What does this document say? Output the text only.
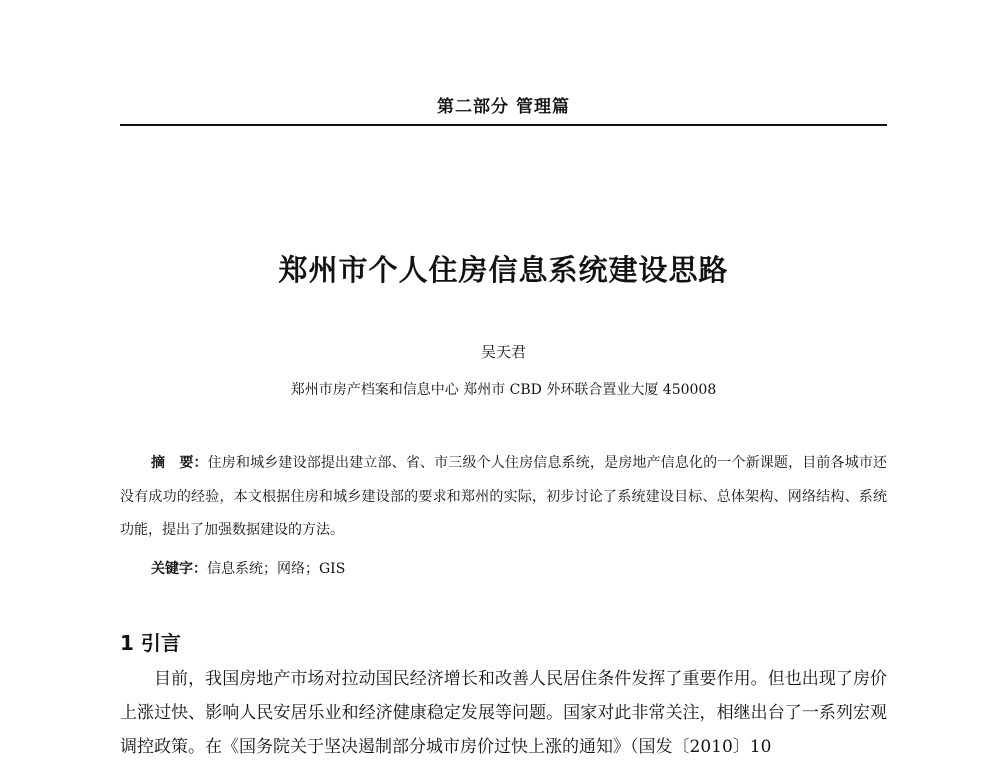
第二部分 管理篇
郑州市个人住房信息系统建设思路
吴天君
郑州市房产档案和信息中心 郑州市 CBD 外环联合置业大厦 450008
摘　要：住房和城乡建设部提出建立部、省、市三级个人住房信息系统，是房地产信息化的一个新课题，目前各城市还没有成功的经验，本文根据住房和城乡建设部的要求和郑州的实际，初步讨论了系统建设目标、总体架构、网络结构、系统功能，提出了加强数据建设的方法。
关键字：信息系统；网络；GIS
1 引言
目前，我国房地产市场对拉动国民经济增长和改善人民居住条件发挥了重要作用。但也出现了房价上涨过快、影响人民安居乐业和经济健康稳定发展等问题。国家对此非常关注，相继出台了一系列宏观调控政策。在《国务院关于坚决遏制部分城市房价过快上涨的通知》（国发〔2010〕10
